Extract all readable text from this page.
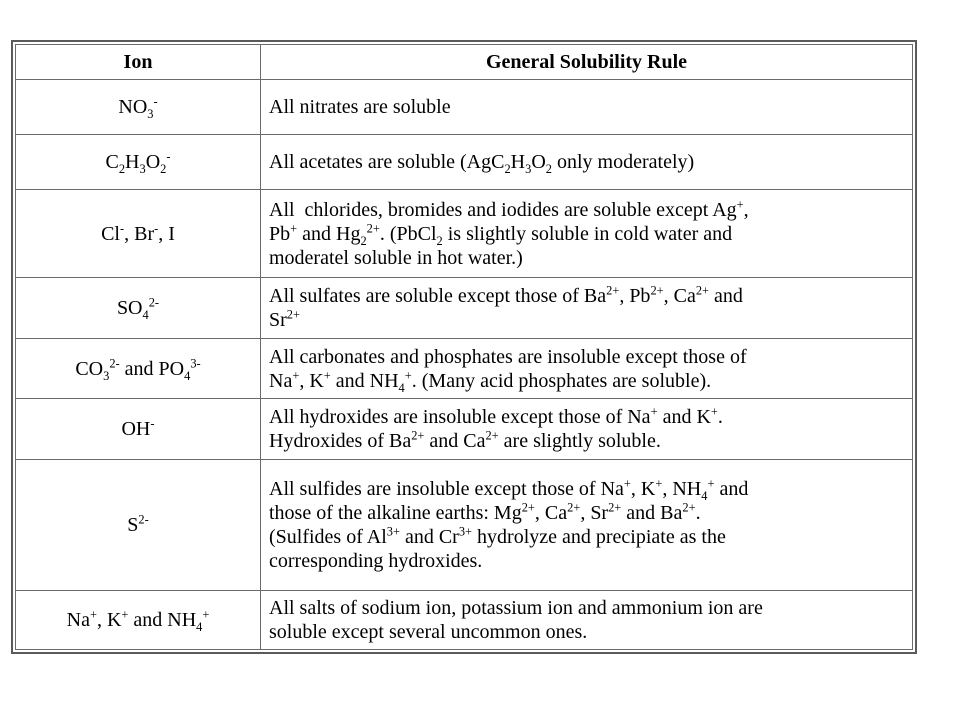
Ion	General Solubility Rule
$NO_3^-$	All nitrates are soluble
$C_2H_3O_2^-$	All acetates are soluble ($AgC_2H_3O_2$ only moderately)
Cl-, Br-, I	All  chlorides, bromides and iodides are soluble except Ag+,
Pb+ and $Hg_2^{2+}$. (PbCl$_2$ is slightly soluble in cold water and
moderatel soluble in hot water.)
$SO_4^{2-}$	All sulfates are soluble except those of $Ba^{2+}$, $Pb^{2+}$, $Ca^{2+}$ and
$Sr^{2+}$
$CO_3^{2-}$ and $PO_4^{3-}$	All carbonates and phosphates are insoluble except those of
Na+, K+ and $NH_4^+$. (Many acid phosphates are soluble).
OH-	All hydroxides are insoluble except those of Na+ and K+.
Hydroxides of $Ba^{2+}$ and $Ca^{2+}$ are slightly soluble.
$S^{2-}$	All sulfides are insoluble except those of Na+, K+, $NH_4^+$ and
those of the alkaline earths: $Mg^{2+}$, $Ca^{2+}$, $Sr^{2+}$ and $Ba^{2+}$.
(Sulfides of $Al^{3+}$ and $Cr^{3+}$ hydrolyze and precipiate as the
corresponding hydroxides.
Na+, K+ and $NH_4^+$	All salts of sodium ion, potassium ion and ammonium ion are
soluble except several uncommon ones.
